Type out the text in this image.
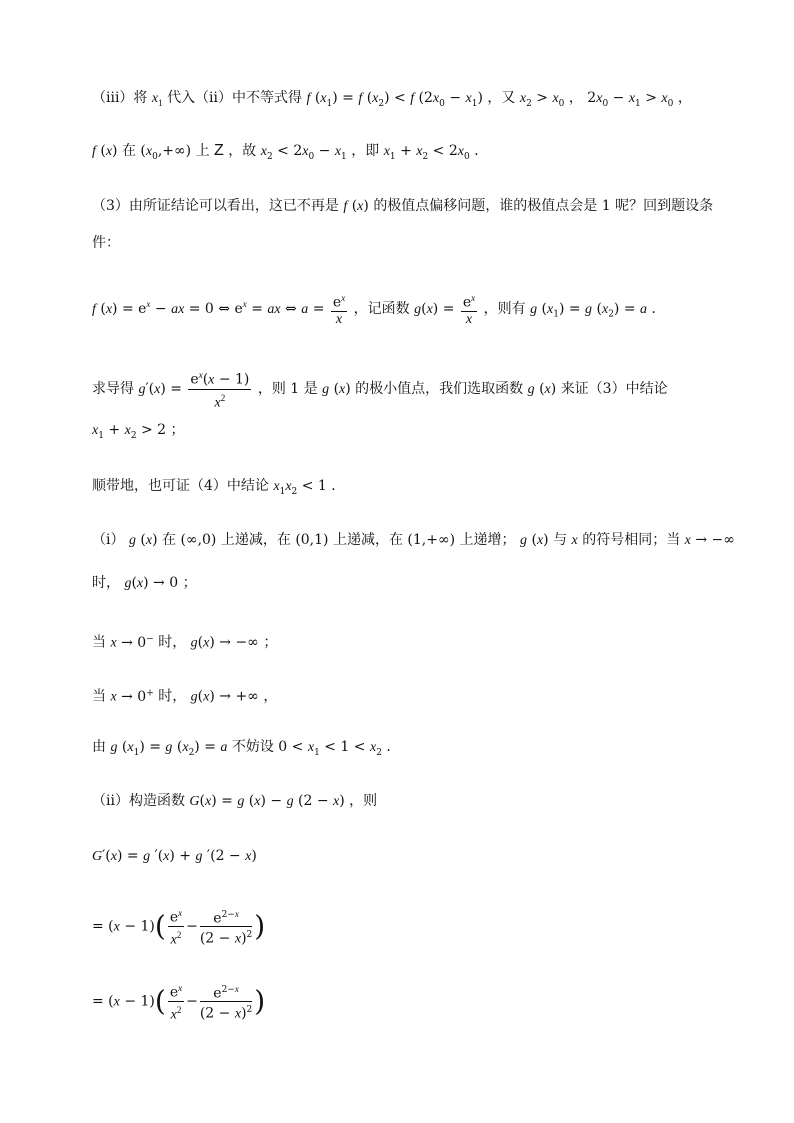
（ⅲ）将 $x_1$ 代入（ⅱ）中不等式得 f $(x_1) = f$ $(x_2) < f$ $(2x_0 - x_1)$ ，又 $x_2 > x_0$ ， $2x_0 - x_1 > x_0$ ，
f (x) 在 $(x_0,+\infty)$ 上 Z ，故 $x_2 < 2x_0 - x_1$ ，即 $x_1 + x_2 < 2x_0$ ．
（3）由所证结论可以看出，这已不再是 f (x) 的极值点偏移问题，谁的极值点会是 1 呢？回到题设条
件：
f $(x) = e^x$ − ax = 0 ⇔ $e^x$ = ax ⇔ $a = \frac{e^x}{x}$ ，记函数 $g(x) = \frac{e^x}{x}$ ，则有 g $(x_1) = g$ $(x_2) = a$ ．
求导得 $g'(x) = \frac{e^x(x - 1)}{x^2}$ ，则 1 是 g (x) 的极小值点，我们选取函数 g (x) 来证（3）中结论
$x_1 + x_2 > 2$ ；
顺带地，也可证（4）中结论 $x_1x_2 < 1$ ．
（ⅰ） g (x) 在 (∞,0) 上递减，在 (0,1) 上递减，在 (1,+∞) 上递增； g (x) 与 x 的符号相同；当 x → −∞
时， g(x) → 0 ；
当 x → 0− 时， g(x) → −∞ ；
当 x → 0+ 时， g(x) → +∞ ，
由 g $(x_1) = g$ $(x_2) = a$ 不妨设 $0 < x_1 < 1 < x_2$ ．
（ⅱ）构造函数 G(x) = g (x) − g (2 − x) ，则
G′(x) = g ′(x) + g ′(2 − x)
= $(x - 1)( \frac{e^x}{x^2} - \frac{e^{2-x}}{(2 - x)^2}$ )
= $(x - 1)( \frac{e^x}{x^2} - \frac{e^{2-x}}{(2 - x)^2}$ )
